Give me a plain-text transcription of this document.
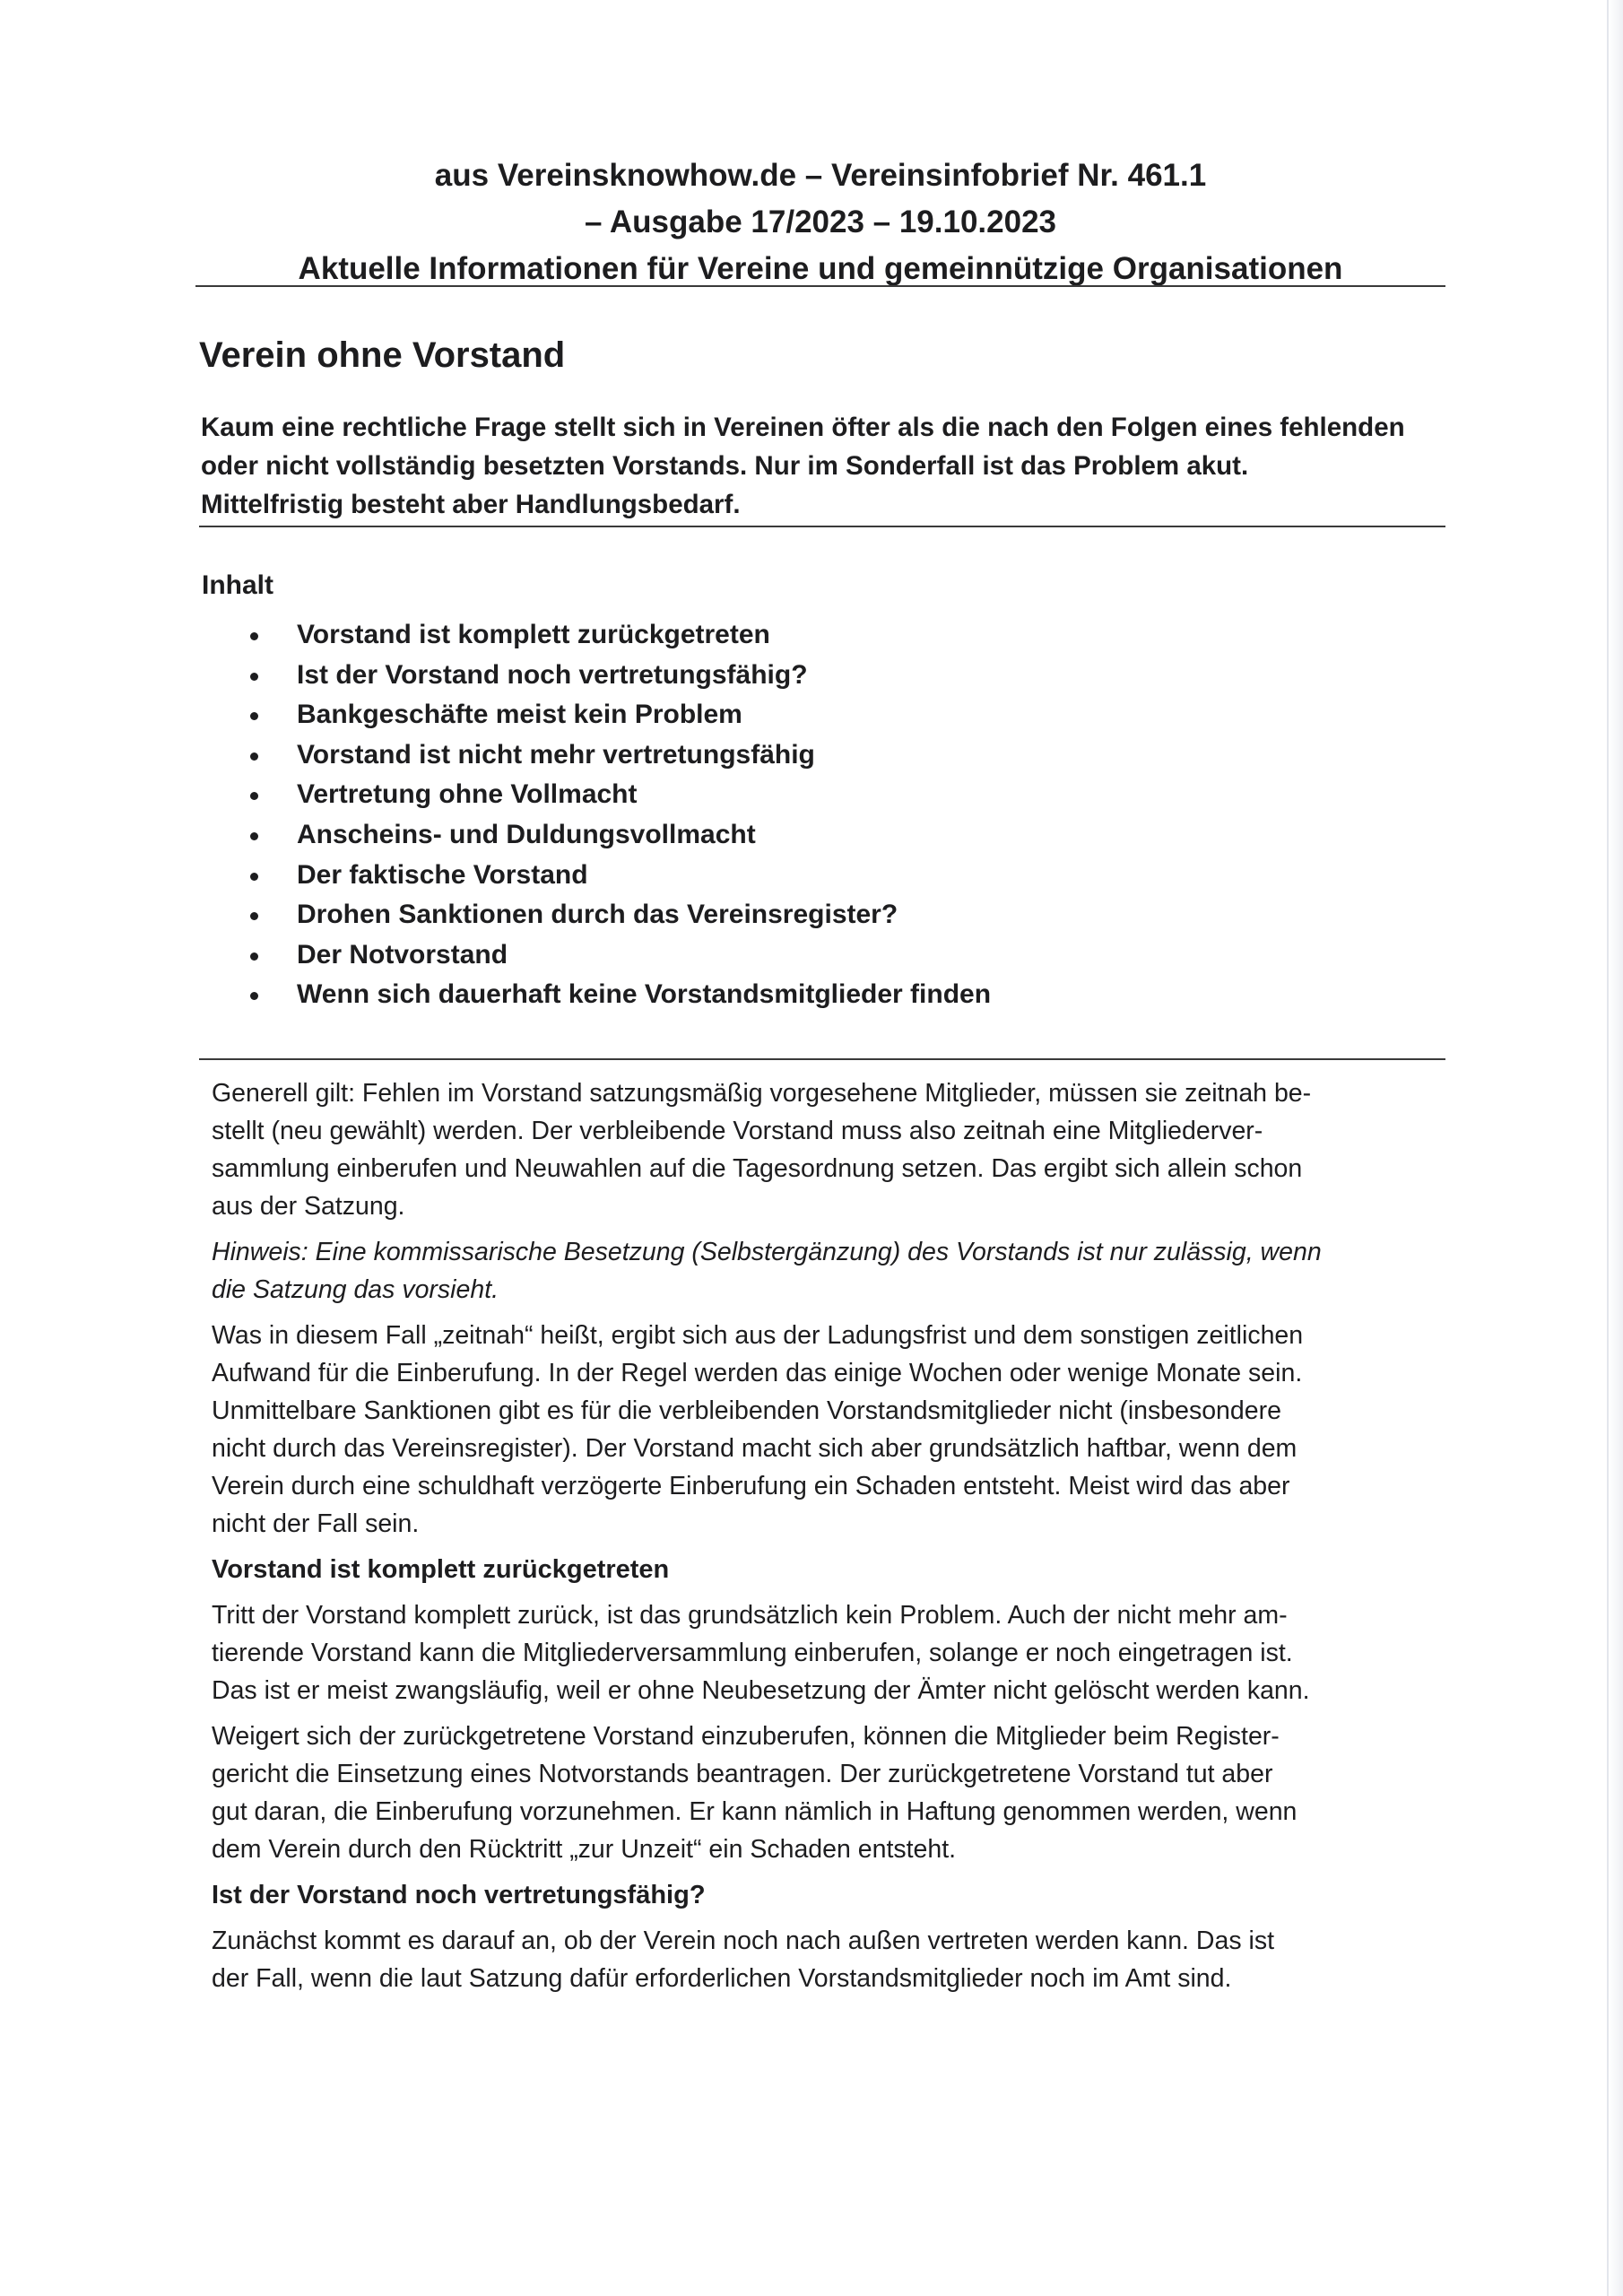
aus Vereinsknowhow.de – Vereinsinfobrief Nr. 461.1
– Ausgabe 17/2023 – 19.10.2023
Aktuelle Informationen für Vereine und gemeinnützige Organisationen
Verein ohne Vorstand
Kaum eine rechtliche Frage stellt sich in Vereinen öfter als die nach den Folgen eines fehlenden
oder nicht vollständig besetzten Vorstands. Nur im Sonderfall ist das Problem akut.
Mittelfristig besteht aber Handlungsbedarf.
Inhalt
Vorstand ist komplett zurückgetreten
Ist der Vorstand noch vertretungsfähig?
Bankgeschäfte meist kein Problem
Vorstand ist nicht mehr vertretungsfähig
Vertretung ohne Vollmacht
Anscheins- und Duldungsvollmacht
Der faktische Vorstand
Drohen Sanktionen durch das Vereinsregister?
Der Notvorstand
Wenn sich dauerhaft keine Vorstandsmitglieder finden

Generell gilt: Fehlen im Vorstand satzungsmäßig vorgesehene Mitglieder, müssen sie zeitnah be-
stellt (neu gewählt) werden. Der verbleibende Vorstand muss also zeitnah eine Mitgliederver-
sammlung einberufen und Neuwahlen auf die Tagesordnung setzen. Das ergibt sich allein schon
aus der Satzung.

Hinweis: Eine kommissarische Besetzung (Selbstergänzung) des Vorstands ist nur zulässig, wenn
die Satzung das vorsieht.

Was in diesem Fall „zeitnah“ heißt, ergibt sich aus der Ladungsfrist und dem sonstigen zeitlichen
Aufwand für die Einberufung. In der Regel werden das einige Wochen oder wenige Monate sein.
Unmittelbare Sanktionen gibt es für die verbleibenden Vorstandsmitglieder nicht (insbesondere
nicht durch das Vereinsregister). Der Vorstand macht sich aber grundsätzlich haftbar, wenn dem
Verein durch eine schuldhaft verzögerte Einberufung ein Schaden entsteht. Meist wird das aber
nicht der Fall sein.

Vorstand ist komplett zurückgetreten

Tritt der Vorstand komplett zurück, ist das grundsätzlich kein Problem. Auch der nicht mehr am-
tierende Vorstand kann die Mitgliederversammlung einberufen, solange er noch eingetragen ist.
Das ist er meist zwangsläufig, weil er ohne Neubesetzung der Ämter nicht gelöscht werden kann.

Weigert sich der zurückgetretene Vorstand einzuberufen, können die Mitglieder beim Register-
gericht die Einsetzung eines Notvorstands beantragen. Der zurückgetretene Vorstand tut aber
gut daran, die Einberufung vorzunehmen. Er kann nämlich in Haftung genommen werden, wenn
dem Verein durch den Rücktritt „zur Unzeit“ ein Schaden entsteht.

Ist der Vorstand noch vertretungsfähig?

Zunächst kommt es darauf an, ob der Verein noch nach außen vertreten werden kann. Das ist
der Fall, wenn die laut Satzung dafür erforderlichen Vorstandsmitglieder noch im Amt sind.
